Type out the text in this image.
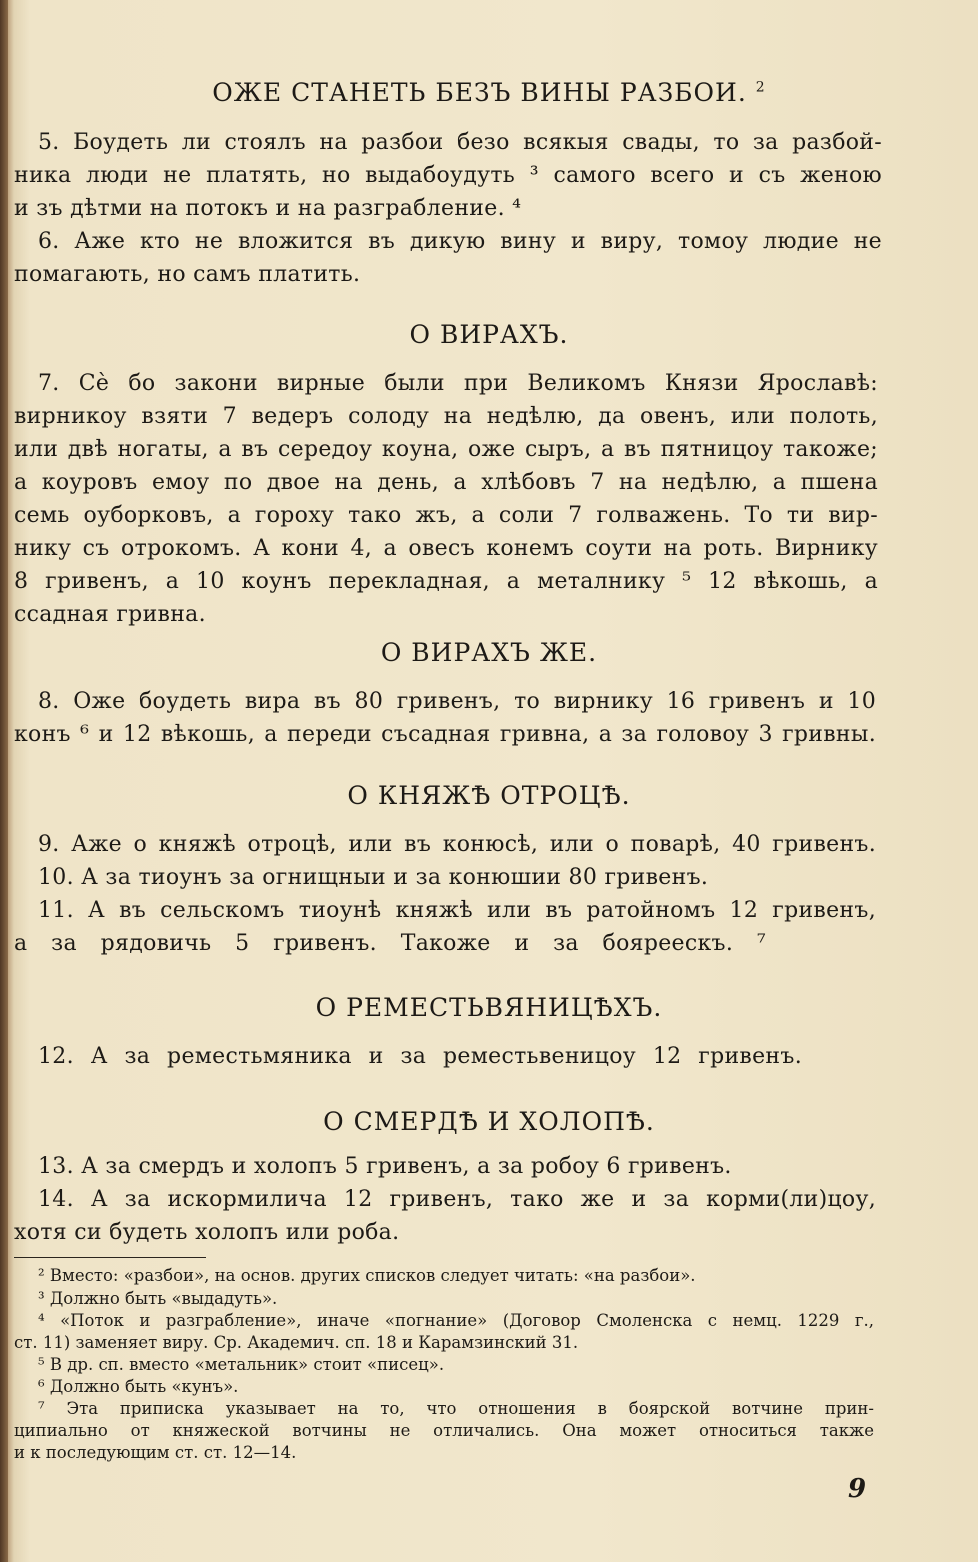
ОЖЕ СТАНЕТЬ БЕЗЪ ВИНЫ РАЗБОИ. $^2$
5. Боудеть ли стоялъ на разбои безо всякыя свады, то за разбой-
ника люди не платять, но выдабоудуть ³ самого всего и съ женою
и зъ дѣтми на потокъ и на разграбление. ⁴
6. Аже кто не вложится въ дикую вину и виру, томоу людие не
помагають, но самъ платить.
О ВИРАХЪ.
7. Сѐ бо закони вирные были при Великомъ Князи Ярославѣ:
вирникоу взяти 7 ведеръ солоду на недѣлю, да овенъ, или полоть,
или двѣ ногаты, а въ середоу коуна, оже сыръ, а въ пятницоу такожe;
а коуровъ емоу по двое на день, а хлѣбовъ 7 на недѣлю, а пшена
семь оуборковъ, а гороху тако жъ, а соли 7 голважень. То ти вир-
нику съ отрокомъ. А кони 4, а овесъ конемъ соути на роть. Вирнику
8 гривенъ, а 10 коунъ перекладная, а металнику ⁵ 12 вѣкошь, а
ссадная гривна.
О ВИРАХЪ ЖЕ.
8. Оже боудеть вира въ 80 гривенъ, то вирнику 16 гривенъ и 10
конъ ⁶ и 12 вѣкошь, а переди съсадная гривна, а за головоу 3 гривны.
О КНЯЖѢ ОТРОЦѢ.
9. Аже о княжѣ отроцѣ, или въ конюсѣ, или о поварѣ, 40 гривенъ.
10. А за тиоунъ за огнищныи и за конюшии 80 гривенъ.
11. А въ сельскомъ тиоунѣ княжѣ или въ ратойномъ 12 гривенъ,
а за рядовичь 5 гривенъ. Такоже и за бояреескъ. ⁷
О РЕМЕСТЬВЯНИЦѢХЪ.
12. А за реместьмяника и за реместьвеницоу 12 гривенъ.
О СМЕРДѢ И ХОЛОПѢ.
13. А за смердъ и холопъ 5 гривенъ, а за робоу 6 гривенъ.
14. А за искормилича 12 гривенъ, тако же и за корми(ли)цоу,
хотя си будеть холопъ или роба.
² Вместо: «разбои», на основ. других списков следует читать: «на разбои».
³ Должно быть «выдадуть».
⁴ «Поток и разграбление», иначе «погнание» (Договор Смоленска с немц. 1229 г.,
ст. 11) заменяет виру. Ср. Академич. сп. 18 и Карамзинский 31.
⁵ В др. сп. вместо «метальник» стоит «писец».
⁶ Должно быть «кунъ».
⁷ Эта приписка указывает на то, что отношения в боярской вотчине прин-
ципиально от княжеской вотчины не отличались. Она может относиться также
и к последующим ст. ст. 12—14.
9
